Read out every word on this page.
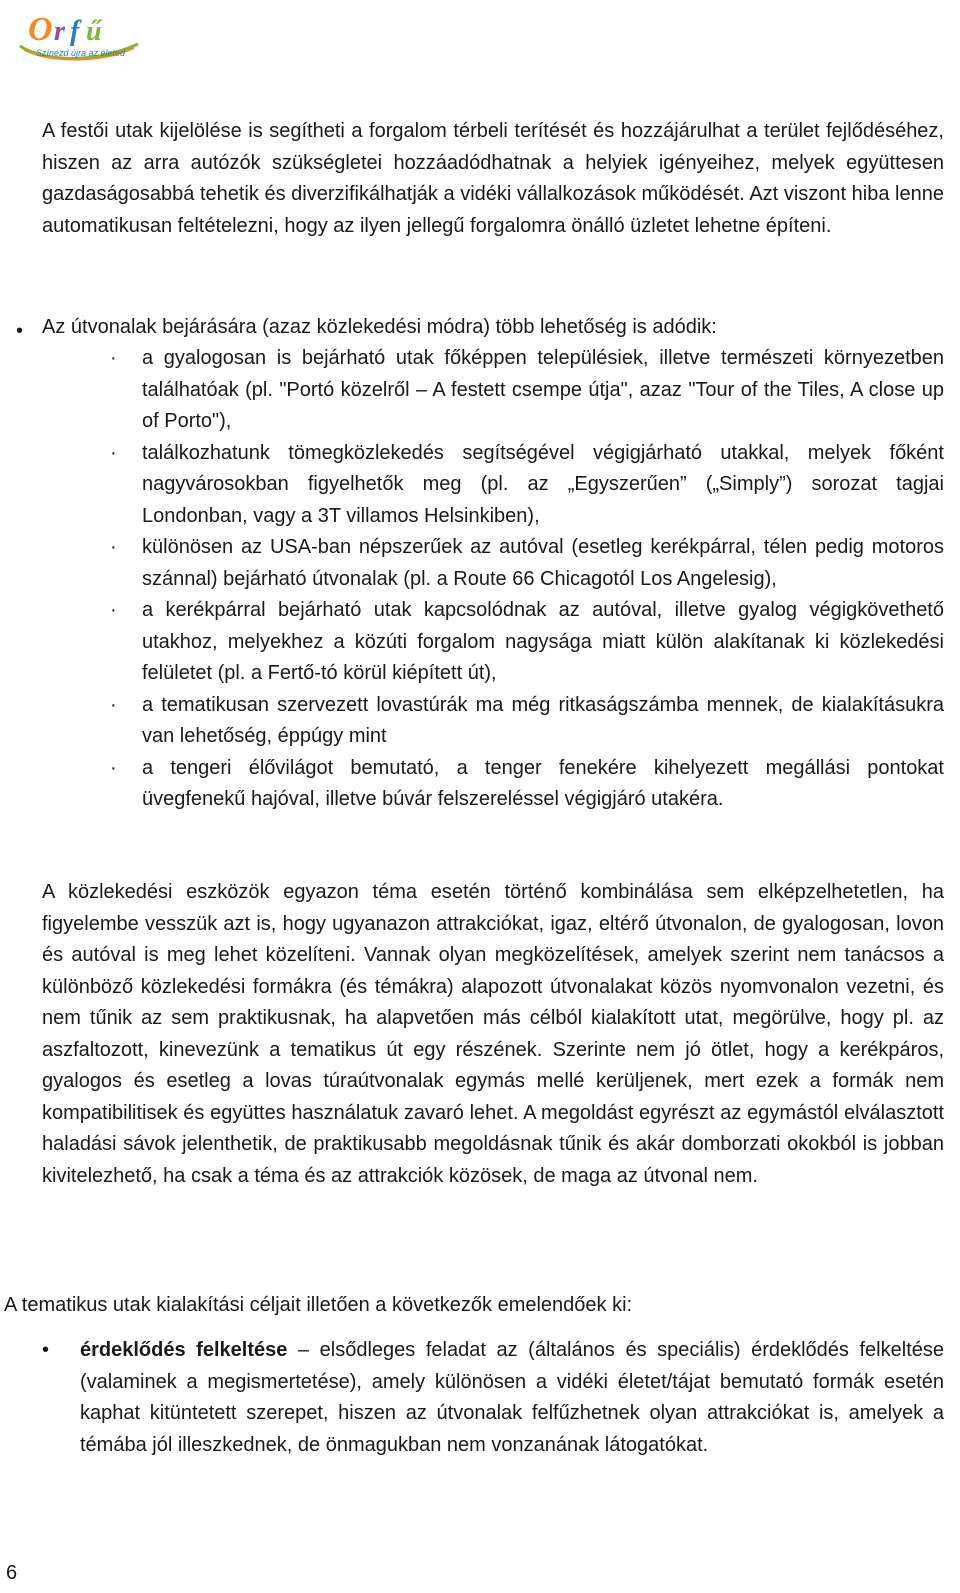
O r f ű
Színezd újra az életed
A festői utak kijelölése is segítheti a forgalom térbeli terítését és hozzájárulhat a terület fejlődéséhez, hiszen az arra autózók szükségletei hozzáadódhatnak a helyiek igényeihez, melyek együttesen gazdaságosabbá tehetik és diverzifikálhatják a vidéki vállalkozások működését. Azt viszont hiba lenne automatikusan feltételezni, hogy az ilyen jellegű forgalomra önálló üzletet lehetne építeni.
• Az útvonalak bejárására (azaz közlekedési módra) több lehetőség is adódik:
· a gyalogosan is bejárható utak főképpen településiek, illetve természeti környezetben találhatóak (pl. "Portó közelről – A festett csempe útja", azaz "Tour of the Tiles, A close up of Porto"),
· találkozhatunk tömegközlekedés segítségével végigjárható utakkal, melyek főként nagyvárosokban figyelhetők meg (pl. az „Egyszerűen” („Simply”) sorozat tagjai Londonban, vagy a 3T villamos Helsinkiben),
· különösen az USA-ban népszerűek az autóval (esetleg kerékpárral, télen pedig motoros szánnal) bejárható útvonalak (pl. a Route 66 Chicagotól Los Angelesig),
· a kerékpárral bejárható utak kapcsolódnak az autóval, illetve gyalog végigkövethető utakhoz, melyekhez a közúti forgalom nagysága miatt külön alakítanak ki közlekedési felületet (pl. a Fertő-tó körül kiépített út),
· a tematikusan szervezett lovastúrák ma még ritkaságszámba mennek, de kialakításukra van lehetőség, éppúgy mint
· a tengeri élővilágot bemutató, a tenger fenekére kihelyezett megállási pontokat üvegfenekű hajóval, illetve búvár felszereléssel végigjáró utakéra.
A közlekedési eszközök egyazon téma esetén történő kombinálása sem elképzelhetetlen, ha figyelembe vesszük azt is, hogy ugyanazon attrakciókat, igaz, eltérő útvonalon, de gyalogosan, lovon és autóval is meg lehet közelíteni. Vannak olyan megközelítések, amelyek szerint nem tanácsos a különböző közlekedési formákra (és témákra) alapozott útvonalakat közös nyomvonalon vezetni, és nem tűnik az sem praktikusnak, ha alapvetően más célból kialakított utat, megörülve, hogy pl. az aszfaltozott, kinevezünk a tematikus út egy részének. Szerinte nem jó ötlet, hogy a kerékpáros, gyalogos és esetleg a lovas túraútvonalak egymás mellé kerüljenek, mert ezek a formák nem kompatibilitisek és együttes használatuk zavaró lehet. A megoldást egyrészt az egymástól elválasztott haladási sávok jelenthetik, de praktikusabb megoldásnak tűnik és akár domborzati okokból is jobban kivitelezhető, ha csak a téma és az attrakciók közösek, de maga az útvonal nem.
A tematikus utak kialakítási céljait illetően a következők emelendőek ki:
•	érdeklődés felkeltése – elsődleges feladat az (általános és speciális) érdeklődés felkeltése (valaminek a megismertetése), amely különösen a vidéki életet/tájat bemutató formák esetén kaphat kitüntetett szerepet, hiszen az útvonalak felfűzhetnek olyan attrakciókat is, amelyek a témába jól illeszkednek, de önmagukban nem vonzanának látogatókat.
6
